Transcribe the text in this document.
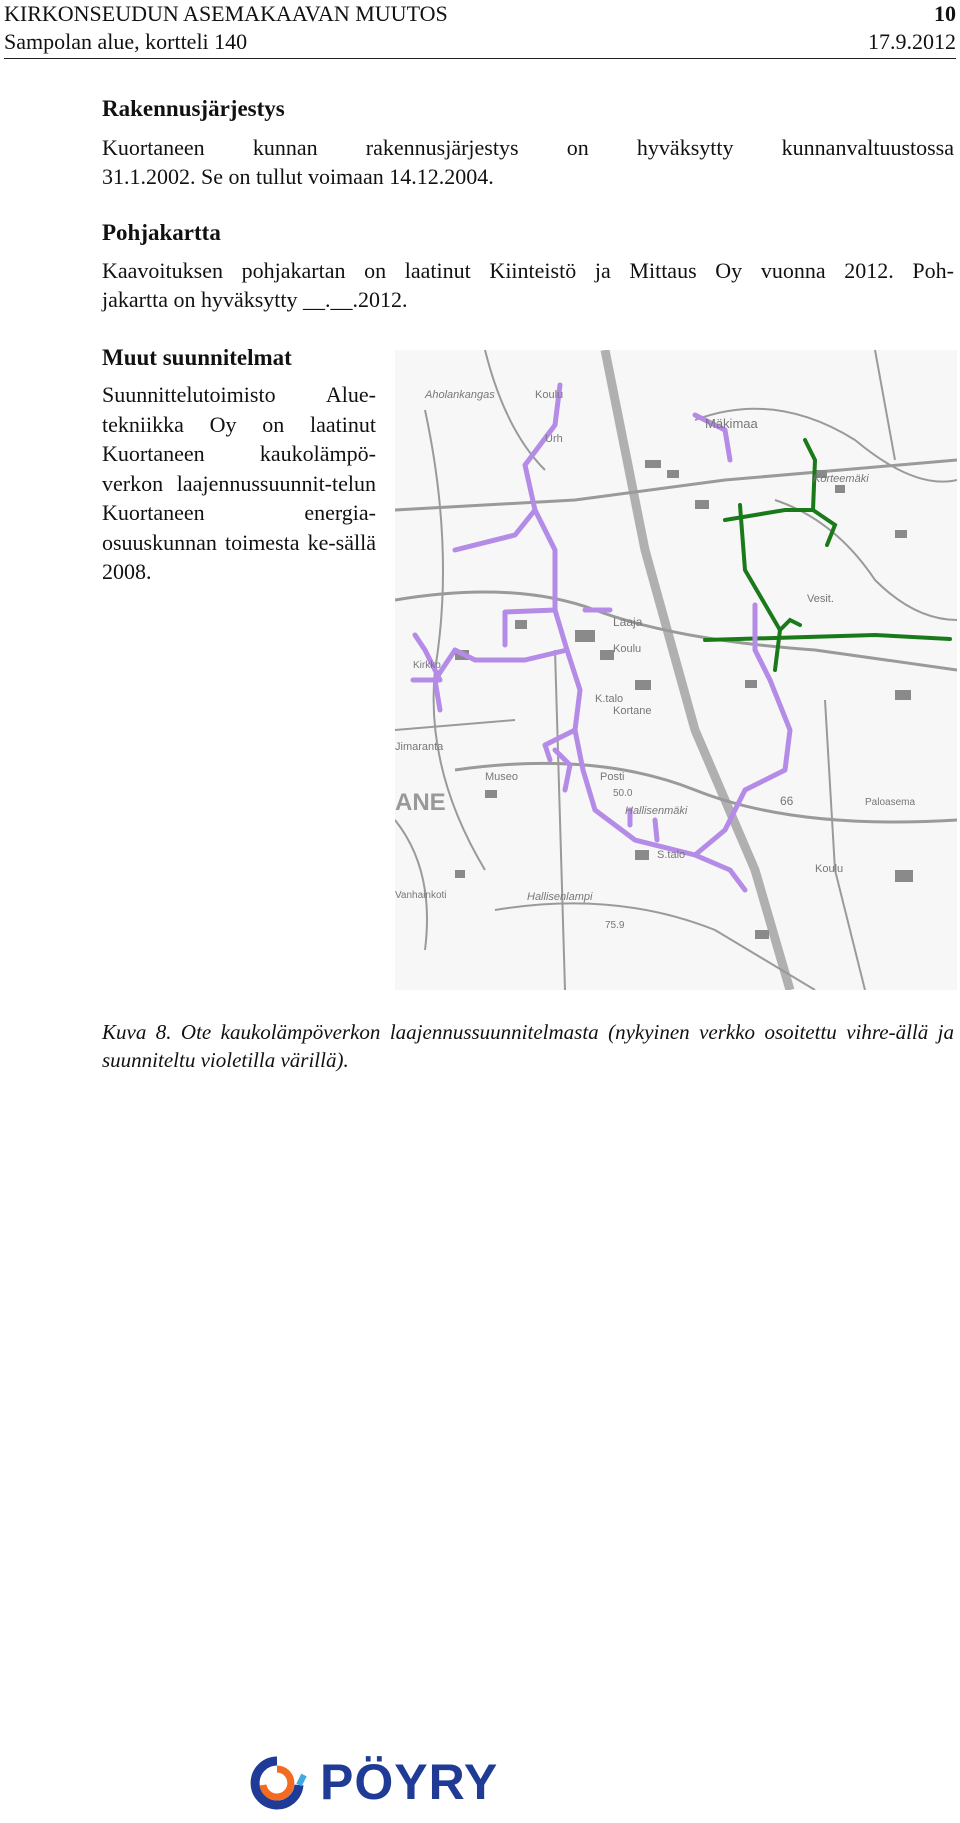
KIRKONSEUDUN ASEMAKAAVAN MUUTOS
Sampolan alue, kortteli 140
10
17.9.2012
Rakennusjärjestys
Kuortaneen kunnan rakennusjärjestys on hyväksytty kunnanvaltuustossa
31.1.2002. Se on tullut voimaan 14.12.2004.
Pohjakartta
Kaavoituksen pohjakartan on laatinut Kiinteistö ja Mittaus Oy vuonna 2012. Poh-
jakartta on hyväksytty __.__.2012.
Muut suunnitelmat
Suunnittelutoimisto Alue-tekniikka Oy on laatinut Kuortaneen kaukolämpö-verkon laajennussuunnit-telun Kuortaneen energia-osuuskunnan toimesta ke-sällä 2008.
Aholankangas	Koulu
Mäkimaa
Urh
Korteemäki
Vesit.
Laaja
Koulu
K.talo
Kortane
Kirkko
Jimaranta
ANE
Museo	Posti
50.0
Hallisenmäki
66	Paloasema
S.talo
Koulu
Vanhainkoti	Hallisenlampi
75.9
Kuva 8. Ote kaukolämpöverkon laajennussuunnitelmasta (nykyinen verkko osoitettu vihre-ällä ja suunniteltu violetilla värillä).
PÖYRY
